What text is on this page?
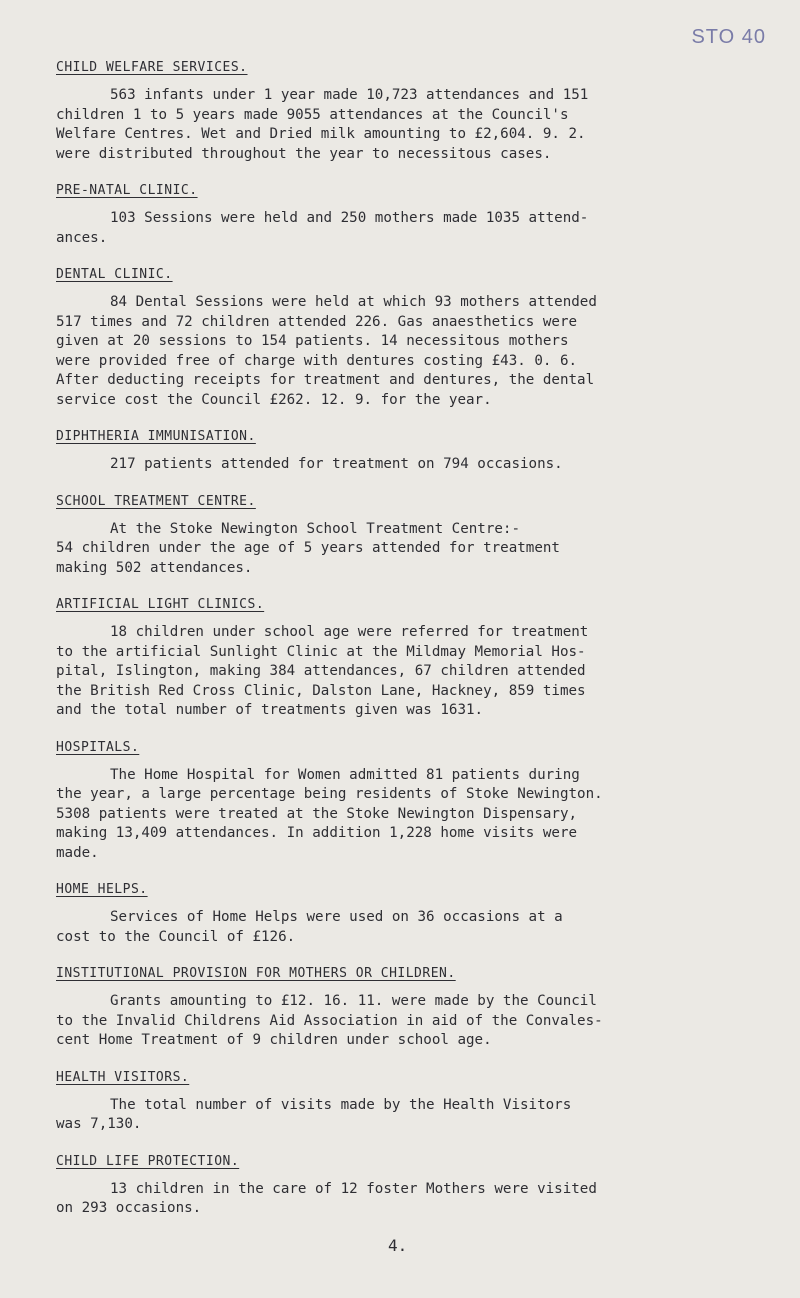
STO 40
CHILD WELFARE SERVICES.
563 infants under 1 year made 10,723 attendances and 151
children 1 to 5 years made 9055 attendances at the Council's
Welfare Centres. Wet and Dried milk amounting to £2,604. 9. 2.
were distributed throughout the year to necessitous cases.
PRE-NATAL CLINIC.
103 Sessions were held and 250 mothers made 1035 attend-
ances.
DENTAL CLINIC.
84 Dental Sessions were held at which 93 mothers attended
517 times and 72 children attended 226. Gas anaesthetics were
given at 20 sessions to 154 patients. 14 necessitous mothers
were provided free of charge with dentures costing £43. 0. 6.
After deducting receipts for treatment and dentures, the dental
service cost the Council £262. 12. 9. for the year.
DIPHTHERIA IMMUNISATION.
217 patients attended for treatment on 794 occasions.
SCHOOL TREATMENT CENTRE.
At the Stoke Newington School Treatment Centre:-
54 children under the age of 5 years attended for treatment
making 502 attendances.
ARTIFICIAL LIGHT CLINICS.
18 children under school age were referred for treatment
to the artificial Sunlight Clinic at the Mildmay Memorial Hos-
pital, Islington, making 384 attendances, 67 children attended
the British Red Cross Clinic, Dalston Lane, Hackney, 859 times
and the total number of treatments given was 1631.
HOSPITALS.
The Home Hospital for Women admitted 81 patients during
the year, a large percentage being residents of Stoke Newington.
5308 patients were treated at the Stoke Newington Dispensary,
making 13,409 attendances. In addition 1,228 home visits were
made.
HOME HELPS.
Services of Home Helps were used on 36 occasions at a
cost to the Council of £126.
INSTITUTIONAL PROVISION FOR MOTHERS OR CHILDREN.
Grants amounting to £12. 16. 11. were made by the Council
to the Invalid Childrens Aid Association in aid of the Convales-
cent Home Treatment of 9 children under school age.
HEALTH VISITORS.
The total number of visits made by the Health Visitors
was 7,130.
CHILD LIFE PROTECTION.
13 children in the care of 12 foster Mothers were visited
on 293 occasions.
4.
